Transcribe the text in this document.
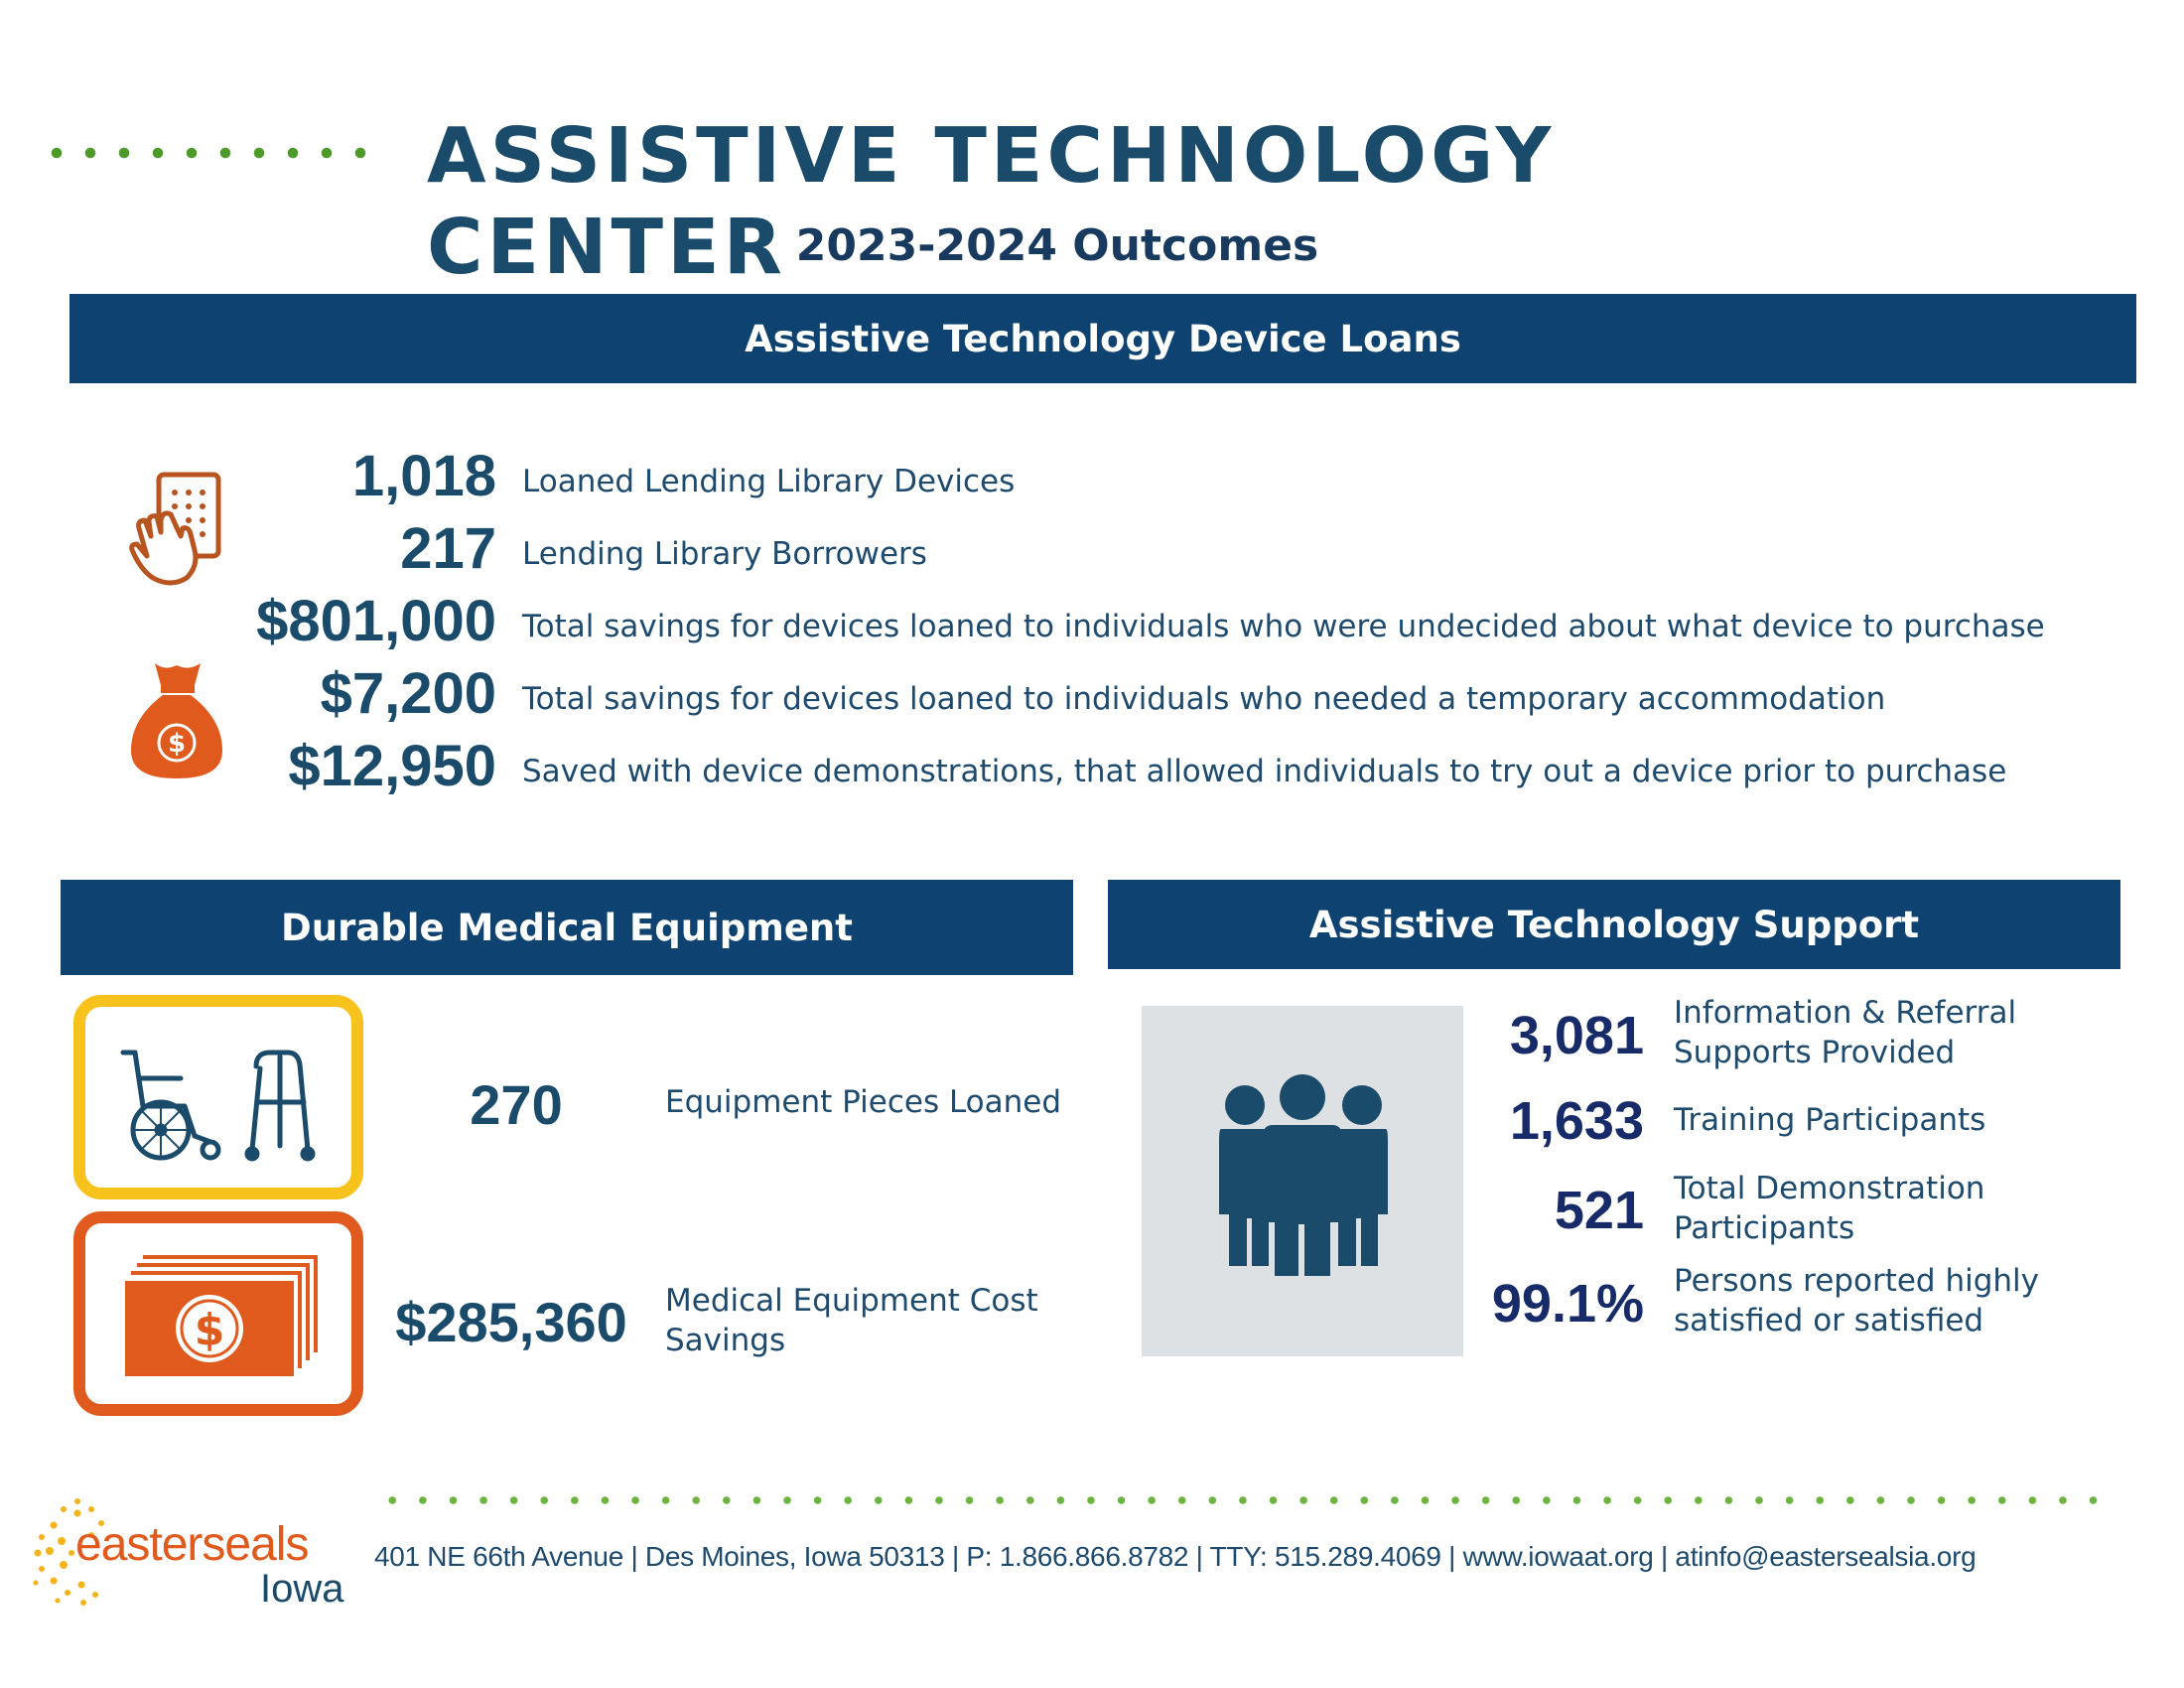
ASSISTIVE TECHNOLOGY CENTER 2023-2024 Outcomes
Assistive Technology Device Loans
$
1,018 Loaned Lending Library Devices
217 Lending Library Borrowers
$801,000 Total savings for devices loaned to individuals who were undecided about what device to purchase
$7,200 Total savings for devices loaned to individuals who needed a temporary accommodation
$12,950 Saved with device demonstrations, that allowed individuals to try out a device prior to purchase
Durable Medical Equipment
$
270	Equipment Pieces Loaned
$285,360 Medical Equipment Cost
Savings
Assistive Technology Support
3,081 Information & Referral
Supports Provided
1,633 Training Participants
521 Total Demonstration
Participants
99.1% Persons reported highly
satisfied or satisfied
easterseals
Iowa
401 NE 66th Avenue | Des Moines, Iowa 50313 | P: 1.866.866.8782 | TTY: 515.289.4069 | www.iowaat.org | atinfo@eastersealsia.org
